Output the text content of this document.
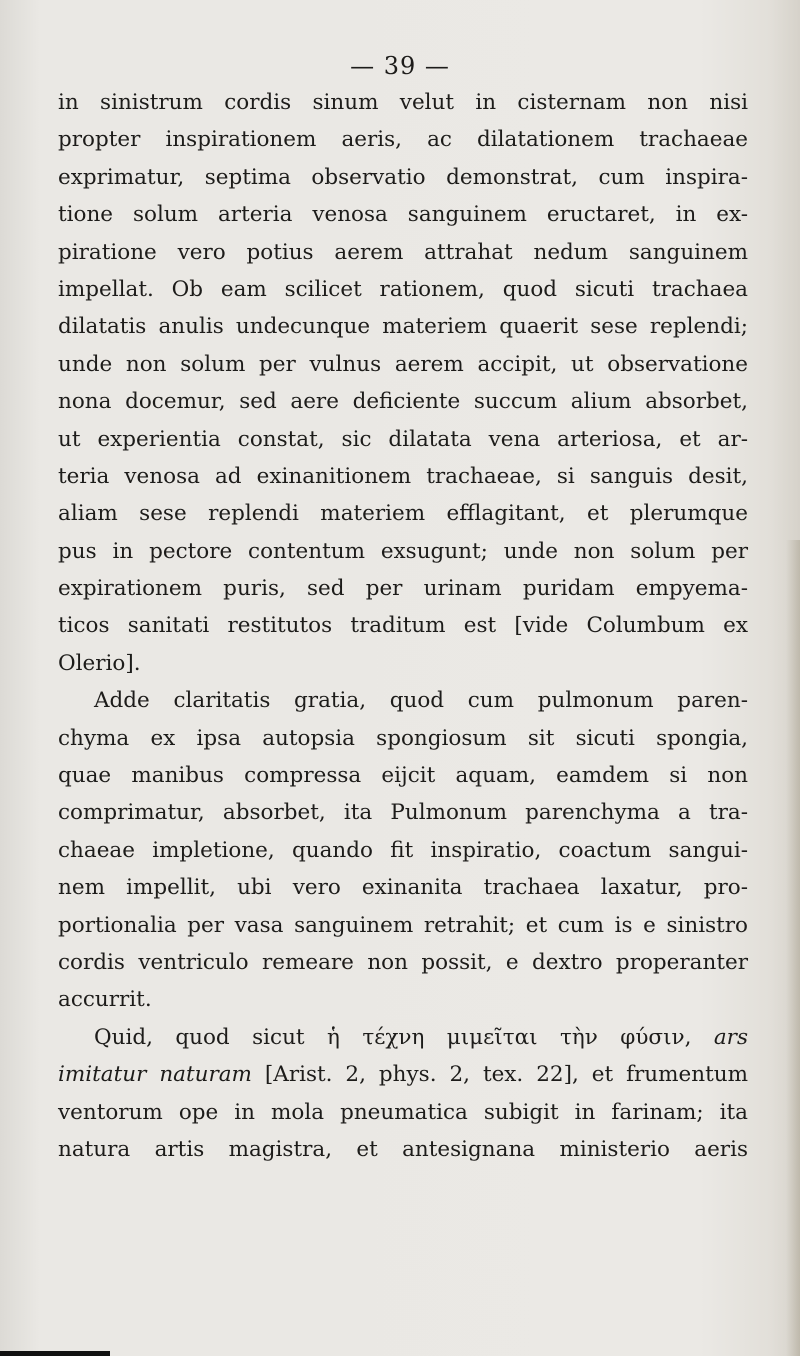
— 39 —
in sinistrum cordis sinum velut in cisternam non nisi
propter inspirationem aeris, ac dilatationem trachaeae
exprimatur, septima observatio demonstrat, cum inspira-
tione solum arteria venosa sanguinem eructaret, in ex-
piratione vero potius aerem attrahat nedum sanguinem
impellat. Ob eam scilicet rationem, quod sicuti trachaea
dilatatis anulis undecunque materiem quaerit sese replendi;
unde non solum per vulnus aerem accipit, ut observatione
nona docemur, sed aere deficiente succum alium absorbet,
ut experientia constat, sic dilatata vena arteriosa, et ar-
teria venosa ad exinanitionem trachaeae, si sanguis desit,
aliam sese replendi materiem efflagitant, et plerumque
pus in pectore contentum exsugunt; unde non solum per
expirationem puris, sed per urinam puridam empyema-
ticos sanitati restitutos traditum est [vide Columbum ex
Olerio].
Adde claritatis gratia, quod cum pulmonum paren-
chyma ex ipsa autopsia spongiosum sit sicuti spongia,
quae manibus compressa eijcit aquam, eamdem si non
comprimatur, absorbet, ita Pulmonum parenchyma a tra-
chaeae impletione, quando fit inspiratio, coactum sangui-
nem impellit, ubi vero exinanita trachaea laxatur, pro-
portionalia per vasa sanguinem retrahit; et cum is e sinistro
cordis ventriculo remeare non possit, e dextro properanter
accurrit.
Quid, quod sicut ἡ τέχνη μιμεῖται τὴν φύσιν, ars
imitatur naturam [Arist. 2, phys. 2, tex. 22], et frumentum
ventorum ope in mola pneumatica subigit in farinam; ita
natura artis magistra, et antesignana ministerio aeris
